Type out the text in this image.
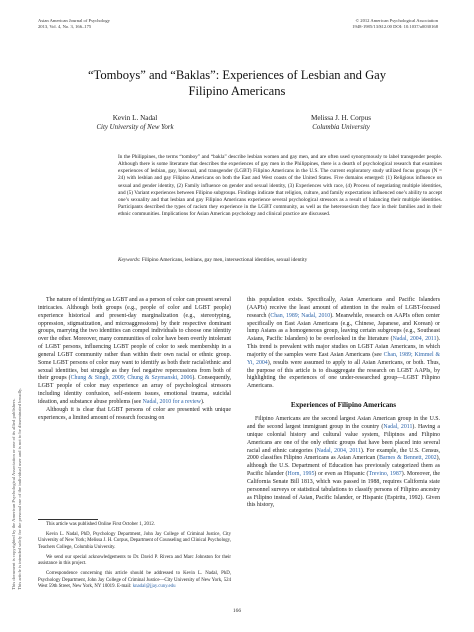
Asian American Journal of Psychology
2013, Vol. 4, No. 3, 166–175
© 2012 American Psychological Association
1948-1985/13/$12.00 DOI: 10.1037/a0030168
This document is copyrighted by the American Psychological Association or one of its allied publishers. This article is intended solely for the personal use of the individual user and is not to be disseminated broadly.
“Tomboys” and “Baklas”: Experiences of Lesbian and Gay
Filipino Americans
Kevin L. Nadal
City University of New York
Melissa J. H. Corpus
Columbia University
In the Philippines, the terms “tomboy” and “bakla” describe lesbian women and gay men, and are often used synonymously to label transgender people. Although there is some literature that describes the experiences of gay men in the Philippines, there is a dearth of psychological research that examines experiences of lesbian, gay, bisexual, and transgender (LGBT) Filipino Americans in the U.S. The current exploratory study utilized focus groups (N = 24) with lesbian and gay Filipino Americans on both the East and West coasts of the United States. Five domains emerged: (1) Religious influence on sexual and gender identity, (2) Family influence on gender and sexual identity, (3) Experiences with race, (4) Process of negotiating multiple identities, and (5) Variant experiences between Filipino subgroups. Findings indicate that religion, culture, and family expectations influenced one’s ability to accept one’s sexuality and that lesbian and gay Filipino Americans experience several psychological stressors as a result of balancing their multiple identities. Participants described the types of racism they experience in the LGBT community, as well as the heterosexism they face in their families and in their ethnic communities. Implications for Asian American psychology and clinical practice are discussed.
Keywords: Filipino Americans, lesbians, gay men, intersectional identities, sexual identity

The nature of identifying as LGBT and as a person of color can present several intricacies. Although both groups (e.g., people of color and LGBT people) experience historical and present-day marginalization (e.g., stereotyping, oppression, stigmatization, and microaggressions) by their respective dominant groups, marrying the two identities can compel individuals to choose one identity over the other. Moreover, many communities of color have been overtly intolerant of LGBT persons, influencing LGBT people of color to seek membership in a general LGBT community rather than within their own racial or ethnic group. Some LGBT persons of color may want to identify as both their racial/ethnic and sexual identities, but struggle as they feel negative repercussions from both of their groups (Chung & Singh, 2009; Chung & Szymanski, 2006). Consequently, LGBT people of color may experience an array of psychological stressors including identity confusion, self-esteem issues, emotional trauma, suicidal ideation, and substance abuse problems (see Nadal, 2010 for a review).

Although it is clear that LGBT persons of color are presented with unique experiences, a limited amount of research focusing on

this population exists. Specifically, Asian Americans and Pacific Islanders (AAPIs) receive the least amount of attention in the realm of LGBT-focused research (Chan, 1989; Nadal, 2010). Meanwhile, research on AAPIs often center specifically on East Asian Americans (e.g., Chinese, Japanese, and Korean) or lump Asians as a homogeneous group, leaving certain subgroups (e.g., Southeast Asians, Pacific Islanders) to be overlooked in the literature (Nadal, 2004, 2011). This trend is prevalent with major studies on LGBT Asian Americans, in which majority of the samples were East Asian Americans (see Chan, 1989; Kimmel & Yi, 2004), results were assumed to apply to all Asian Americans, or both. Thus, the purpose of this article is to disaggregate the research on LGBT AAPIs, by highlighting the experiences of one under-researched group—LGBT Filipino Americans.

Experiences of Filipino Americans

Filipino Americans are the second largest Asian American group in the U.S. and the second largest immigrant group in the country (Nadal, 2011). Having a unique colonial history and cultural value system, Filipinos and Filipino Americans are one of the only ethnic groups that have been placed into several racial and ethnic categories (Nadal, 2004, 2011). For example, the U.S. Census, 2000 classifies Filipino Americans as Asian American (Barnes & Bennett, 2002), although the U.S. Department of Education has previously categorized them as Pacific Islander (Horn, 1995) or even as Hispanic (Trevino, 1987). Moreover, the California Senate Bill 1813, which was passed in 1988, requires California state personnel surveys or statistical tabulations to classify persons of Filipino ancestry as Filipino instead of Asian, Pacific Islander, or Hispanic (Espiritu, 1992). Given this history,

This article was published Online First October 1, 2012.

Kevin L. Nadal, PhD, Psychology Department, John Jay College of Criminal Justice, City University of New York; Melissa J. H. Corpus, Department of Counseling and Clinical Psychology, Teachers College, Columbia University.

We send our special acknowledgements to Dr. David P. Rivera and Marc Johnston for their assistance in this project.

Correspondence concerning this article should be addressed to Kevin L. Nadal, PhD, Psychology Department, John Jay College of Criminal Justice—City University of New York, 524 West 59th Street, New York, NY 10019. E-mail: knadal@jjay.cuny.edu

166
